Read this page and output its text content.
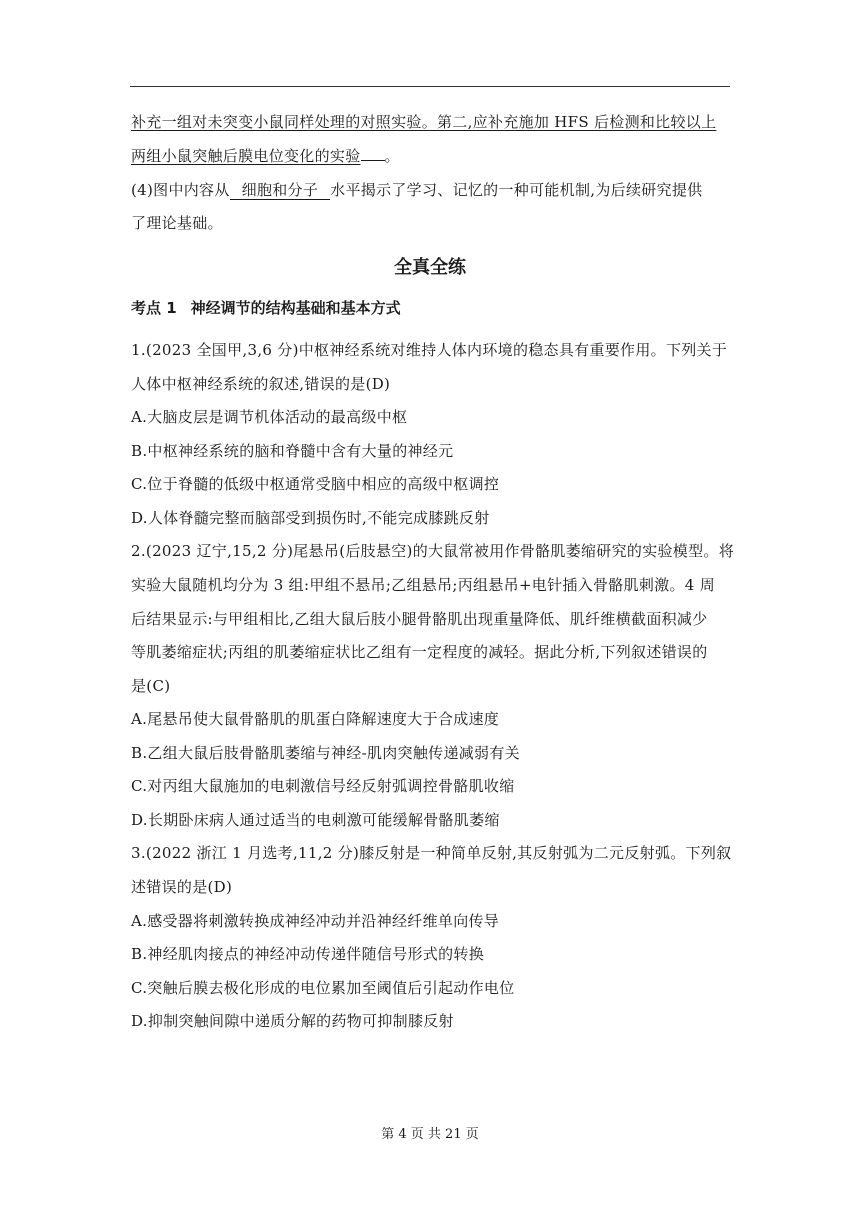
补充一组对未突变小鼠同样处理的对照实验。第二,应补充施加 HFS 后检测和比较以上
两组小鼠突触后膜电位变化的实验 。
(4)图中内容从 细胞和分子 水平揭示了学习、记忆的一种可能机制,为后续研究提供
了理论基础。
全真全练
考点 1 神经调节的结构基础和基本方式
1.(2023 全国甲,3,6 分)中枢神经系统对维持人体内环境的稳态具有重要作用。下列关于
人体中枢神经系统的叙述,错误的是(D)
A.大脑皮层是调节机体活动的最高级中枢
B.中枢神经系统的脑和脊髓中含有大量的神经元
C.位于脊髓的低级中枢通常受脑中相应的高级中枢调控
D.人体脊髓完整而脑部受到损伤时,不能完成膝跳反射
2.(2023 辽宁,15,2 分)尾悬吊(后肢悬空)的大鼠常被用作骨骼肌萎缩研究的实验模型。将
实验大鼠随机均分为 3 组:甲组不悬吊;乙组悬吊;丙组悬吊+电针插入骨骼肌刺激。4 周
后结果显示:与甲组相比,乙组大鼠后肢小腿骨骼肌出现重量降低、肌纤维横截面积减少
等肌萎缩症状;丙组的肌萎缩症状比乙组有一定程度的减轻。据此分析,下列叙述错误的
是(C)
A.尾悬吊使大鼠骨骼肌的肌蛋白降解速度大于合成速度
B.乙组大鼠后肢骨骼肌萎缩与神经-肌肉突触传递减弱有关
C.对丙组大鼠施加的电刺激信号经反射弧调控骨骼肌收缩
D.长期卧床病人通过适当的电刺激可能缓解骨骼肌萎缩
3.(2022 浙江 1 月选考,11,2 分)膝反射是一种简单反射,其反射弧为二元反射弧。下列叙
述错误的是(D)
A.感受器将刺激转换成神经冲动并沿神经纤维单向传导
B.神经肌肉接点的神经冲动传递伴随信号形式的转换
C.突触后膜去极化形成的电位累加至阈值后引起动作电位
D.抑制突触间隙中递质分解的药物可抑制膝反射
第 4 页 共 21 页
